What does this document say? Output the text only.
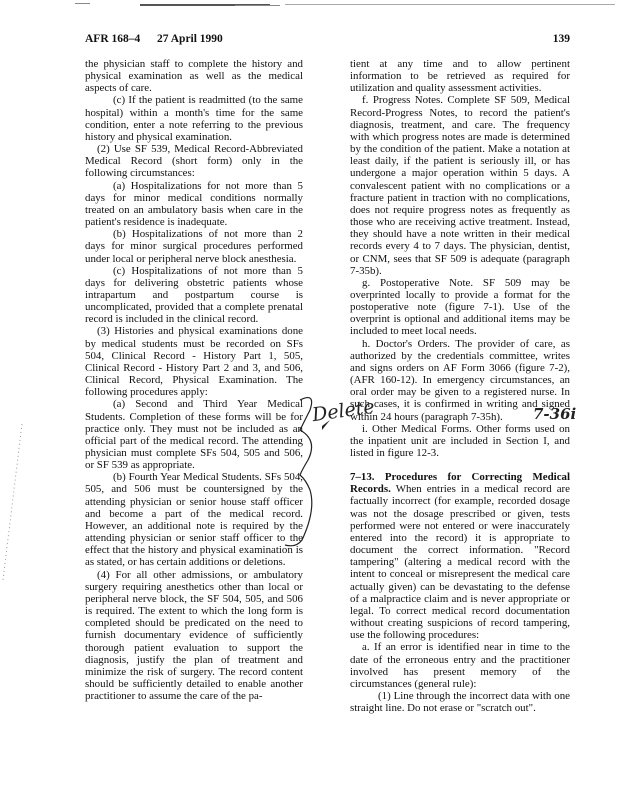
AFR 168–4 27 April 1990	139

the physician staff to complete the history and physical examination as well as the medical aspects of care.

(c) If the patient is readmitted (to the same hospital) within a month's time for the same condition, enter a note referring to the previous history and physical examination.

(2) Use SF 539, Medical Record-Abbreviated Medical Record (short form) only in the following circumstances:

(a) Hospitalizations for not more than 5 days for minor medical conditions normally treated on an ambulatory basis when care in the patient's residence is inadequate.

(b) Hospitalizations of not more than 2 days for minor surgical procedures performed under local or peripheral nerve block anesthesia.

(c) Hospitalizations of not more than 5 days for delivering obstetric patients whose intrapartum and postpartum course is uncomplicated, provided that a complete prenatal record is included in the clinical record.

(3) Histories and physical examinations done by medical students must be recorded on SFs 504, Clinical Record - History Part 1, 505, Clinical Record - History Part 2 and 3, and 506, Clinical Record, Physical Examination. The following procedures apply:

(a) Second and Third Year Medical Students. Completion of these forms will be for practice only. They must not be included as an official part of the medical record. The attending physician must complete SFs 504, 505 and 506, or SF 539 as appropriate.

(b) Fourth Year Medical Students. SFs 504, 505, and 506 must be countersigned by the attending physician or senior house staff officer and become a part of the medical record. However, an additional note is required by the attending physician or senior staff officer to the effect that the history and physical examination is as stated, or has certain additions or deletions.

(4) For all other admissions, or ambulatory surgery requiring anesthetics other than local or peripheral nerve block, the SF 504, 505, and 506 is required. The extent to which the long form is completed should be predicated on the need to furnish documentary evidence of sufficiently thorough patient evaluation to support the diagnosis, justify the plan of treatment and minimize the risk of surgery. The record content should be sufficiently detailed to enable another practitioner to assume the care of the pa-

tient at any time and to allow pertinent information to be retrieved as required for utilization and quality assessment activities.

f. Progress Notes. Complete SF 509, Medical Record-Progress Notes, to record the patient's diagnosis, treatment, and care. The frequency with which progress notes are made is determined by the condition of the patient. Make a notation at least daily, if the patient is seriously ill, or has undergone a major operation within 5 days. A convalescent patient with no complications or a fracture patient in traction with no complications, does not require progress notes as frequently as those who are receiving active treatment. Instead, they should have a note written in their medical records every 4 to 7 days. The physician, dentist, or CNM, sees that SF 509 is adequate (paragraph 7-35b).

g. Postoperative Note. SF 509 may be overprinted locally to provide a format for the postoperative note (figure 7-1). Use of the overprint is optional and additional items may be included to meet local needs.

h. Doctor's Orders. The provider of care, as authorized by the credentials committee, writes and signs orders on AF Form 3066 (figure 7-2), (AFR 160-12). In emergency circumstances, an oral order may be given to a registered nurse. In such cases, it is confirmed in writing and signed within 24 hours (paragraph 7-35h).

i. Other Medical Forms. Other forms used on the inpatient unit are included in Section I, and listed in figure 12-3.

7–13. Procedures for Correcting Medical Records. When entries in a medical record are factually incorrect (for example, recorded dosage was not the dosage prescribed or given, tests performed were not entered or were inaccurately entered into the record) it is appropriate to document the correct information. "Record tampering" (altering a medical record with the intent to conceal or misrepresent the medical care actually given) can be devastating to the defense of a malpractice claim and is never appropriate or legal. To correct medical record documentation without creating suspicions of record tampering, use the following procedures:

a. If an error is identified near in time to the date of the erroneous entry and the practitioner involved has present memory of the circumstances (general rule):

(1) Line through the incorrect data with one straight line. Do not erase or "scratch out".

Delete	7-36i
